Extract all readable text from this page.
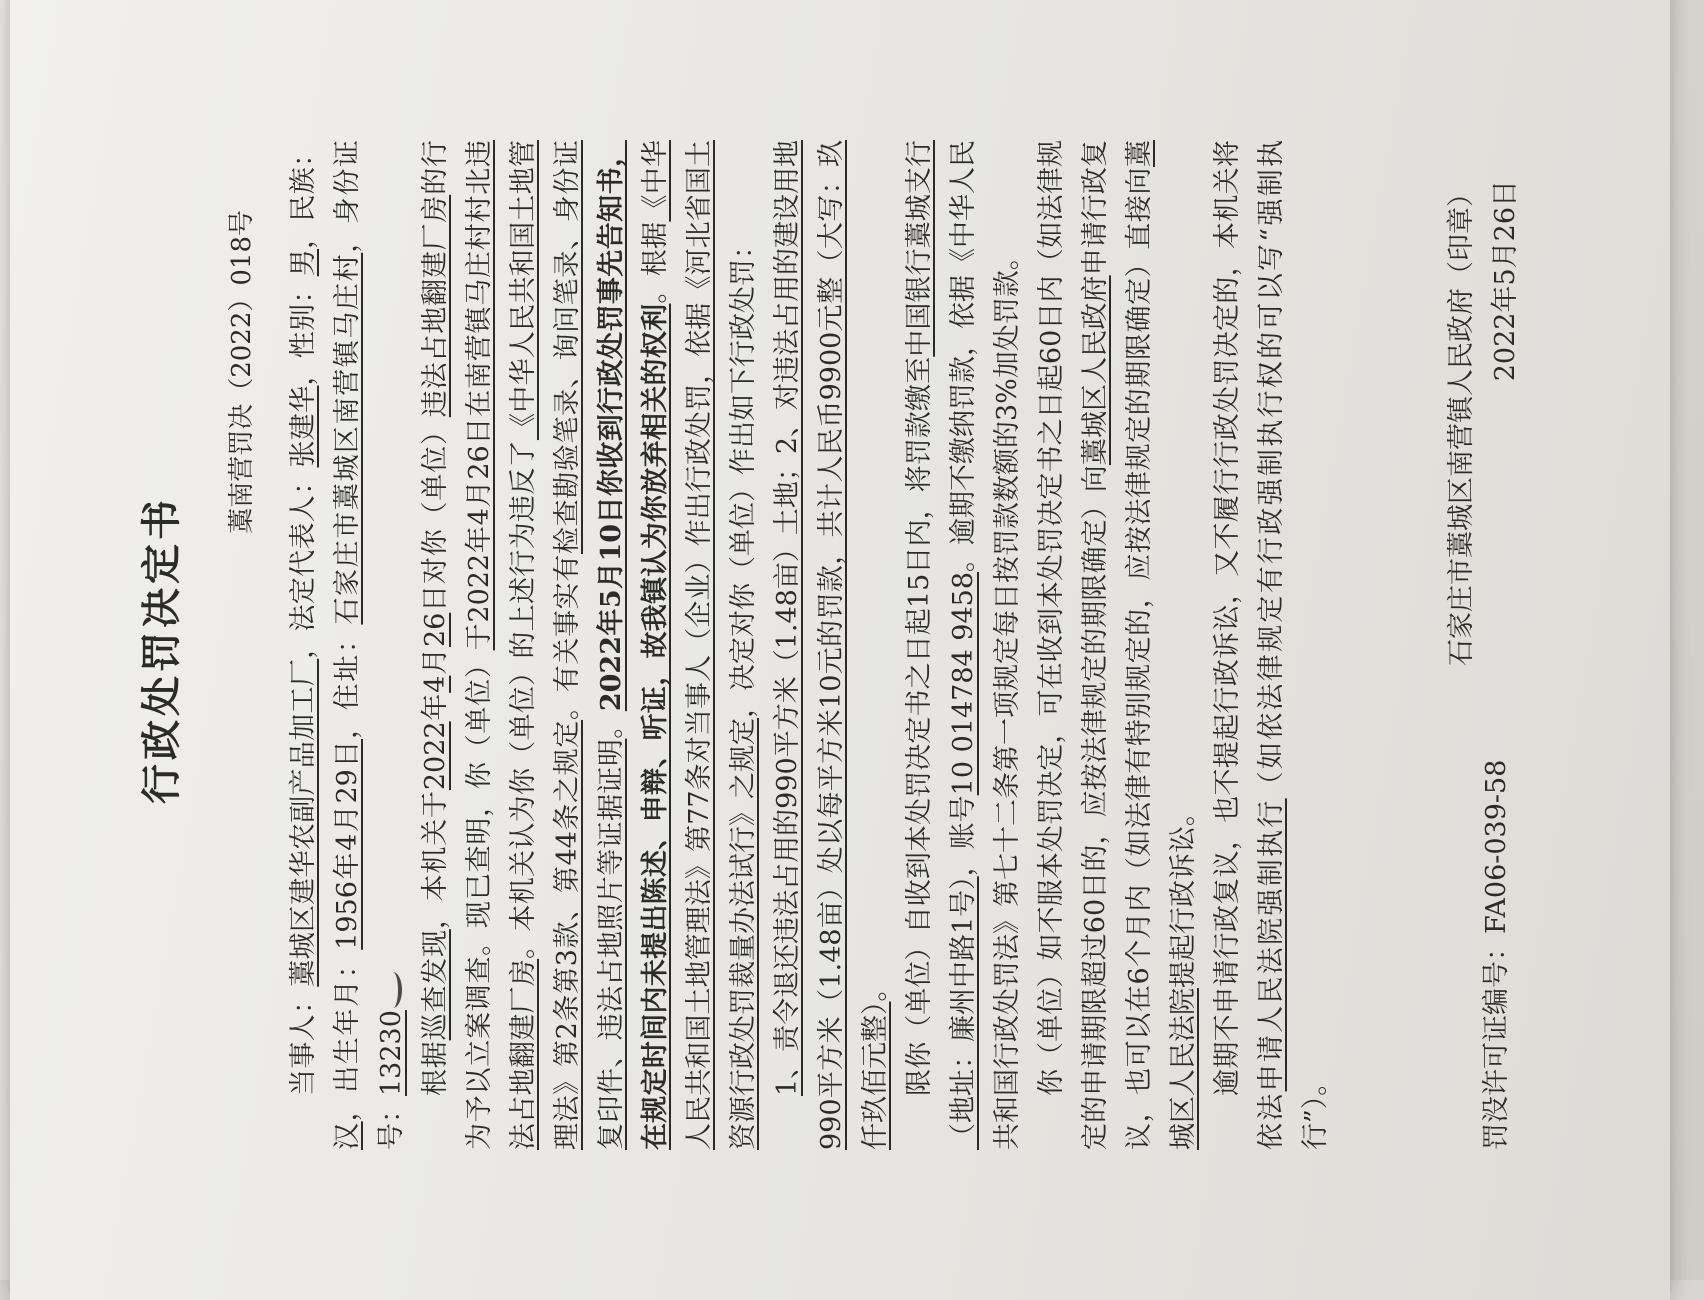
行政处罚决定书
藁南营罚决（2022）018号

当事人：藁城区建华农副产品加工厂，法定代表人：张建华，性别：男，民族：汉，出生年月：1956年4月29日，住址：石家庄市藁城区南营镇马庄村，身份证号：13230 根据巡查发现，本机关于2022年4月26日对你（单位）违法占地翻建厂房的行为予以立案调查。现已查明，你（单位）于2022年4月26日在南营镇马庄村村北违法占地翻建厂房。本机关认为你（单位）的上述行为违反了《中华人民共和国土地管理法》第2条第3款、第44条之规定。有关事实有检查勘验笔录、询问笔录、身份证复印件、违法占地照片等证据证明。2022年5月10日你收到行政处罚事先告知书，在规定时间内未提出陈述、申辩、听证，故我镇认为你放弃相关的权利。根据《中华人民共和国土地管理法》第77条对当事人（企业）作出行政处罚，依据《河北省国土资源行政处罚裁量办法试行》之规定，决定对你（单位）作出如下行政处罚： 1、责令退还违法占用的990平方米（1.48亩）土地；2、对违法占用的建设用地990平方米（1.48亩）处以每平方米10元的罚款，共计人民币9900元整（大写：玖仟玖佰元整）。 限你（单位）自收到本处罚决定书之日起15日内，将罚款缴至中国银行藁城支行（地址：廉州中路1号），账号10 014784 9458。逾期不缴纳罚款，依据《中华人民共和国行政处罚法》第七十二条第一项规定每日按罚款数额的3%加处罚款。 你（单位）如不服本处罚决定，可在收到本处罚决定书之日起60日内（如法律规定的申请期限超过60日的，应按法律规定的期限确定）向藁城区人民政府申请行政复议，也可以在6个月内（如法律有特别规定的，应按法律规定的期限确定）直接向藁城区人民法院提起行政诉讼。 逾期不申请行政复议，也不提起行政诉讼，又不履行行政处罚决定的，本机关将依法申请人民法院强制执行（如依法律规定有行政强制执行权的可以写“强制执行”）。

石家庄市藁城区南营镇人民政府（印章） 2022年5月26日
罚没许可证编号：FA06-039-58
